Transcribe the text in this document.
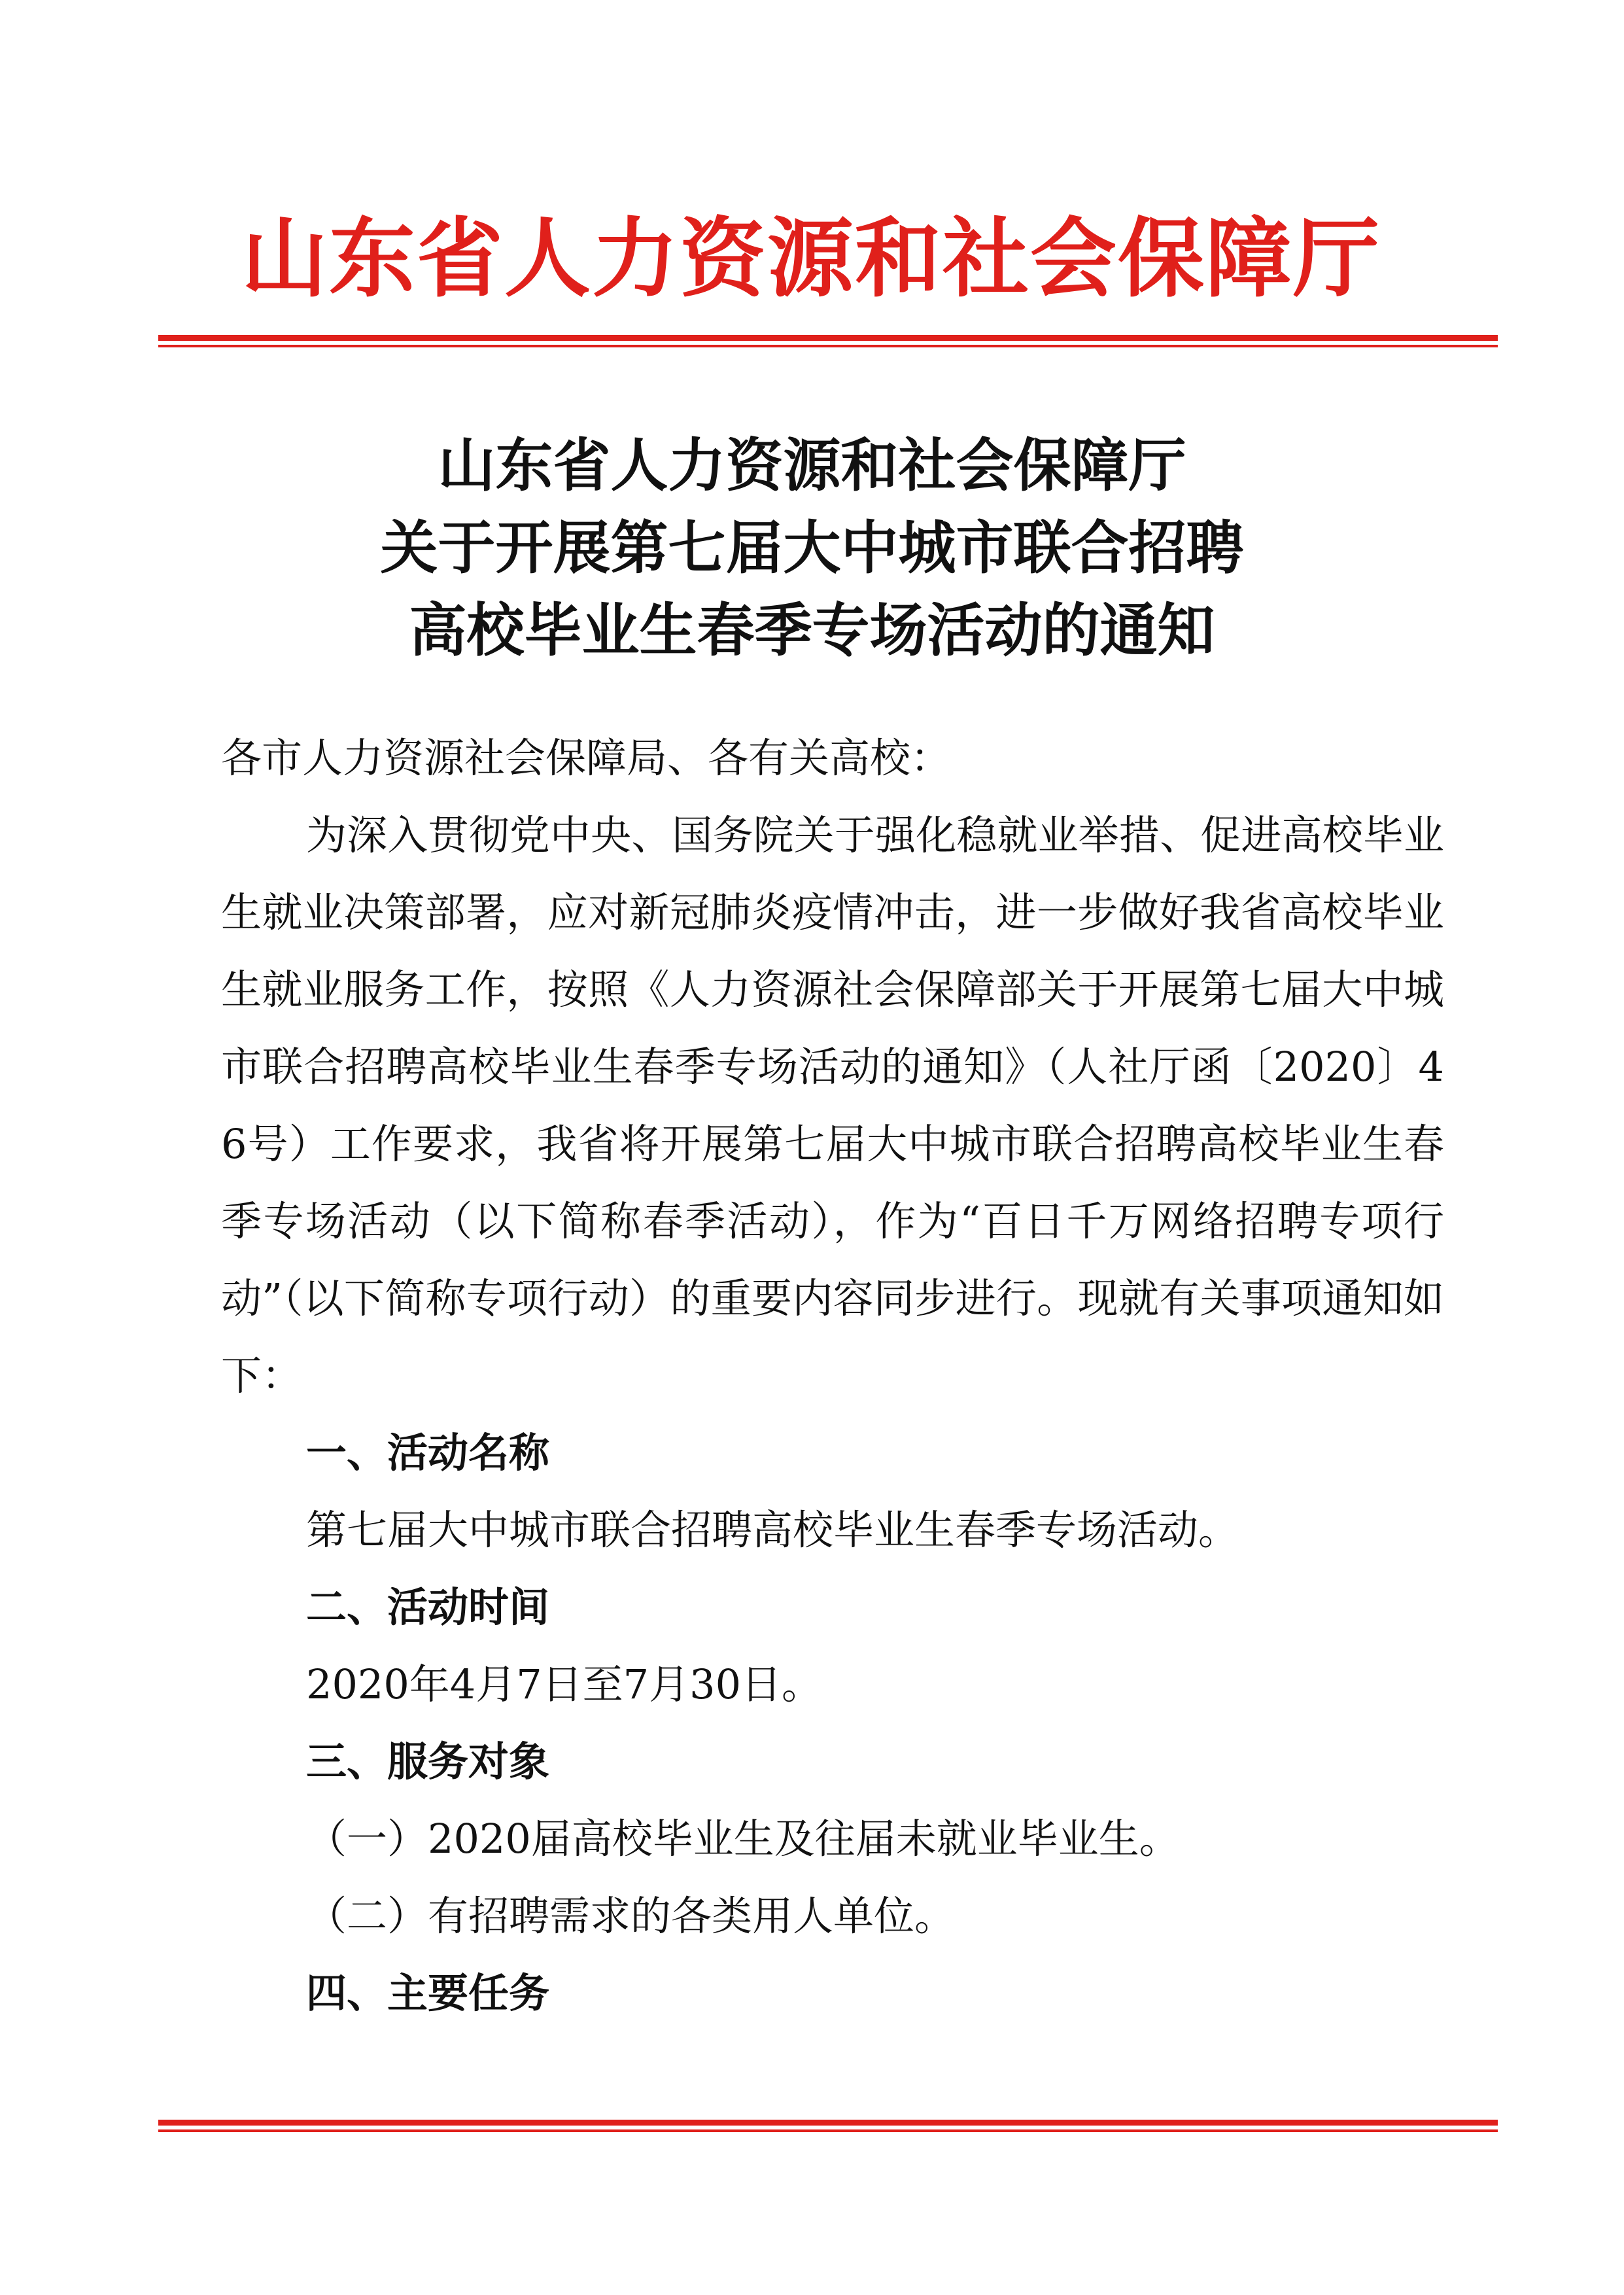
山东省人力资源和社会保障厅
山东省人力资源和社会保障厅
关于开展第七届大中城市联合招聘
高校毕业生春季专场活动的通知

各市人力资源社会保障局、各有关高校：

为深入贯彻党中央、国务院关于强化稳就业举措、促进高校毕业生就业决策部署，应对新冠肺炎疫情冲击，进一步做好我省高校毕业生就业服务工作，按照《人力资源社会保障部关于开展第七届大中城市联合招聘高校毕业生春季专场活动的通知》（人社厅函〔2020〕46号）工作要求，我省将开展第七届大中城市联合招聘高校毕业生春季专场活动（以下简称春季活动），作为“百日千万网络招聘专项行动”（以下简称专项行动）的重要内容同步进行。现就有关事项通知如下：

一、活动名称

第七届大中城市联合招聘高校毕业生春季专场活动。

二、活动时间

2020年4月7日至7月30日。

三、服务对象

（一）2020届高校毕业生及往届未就业毕业生。

（二）有招聘需求的各类用人单位。

四、主要任务
